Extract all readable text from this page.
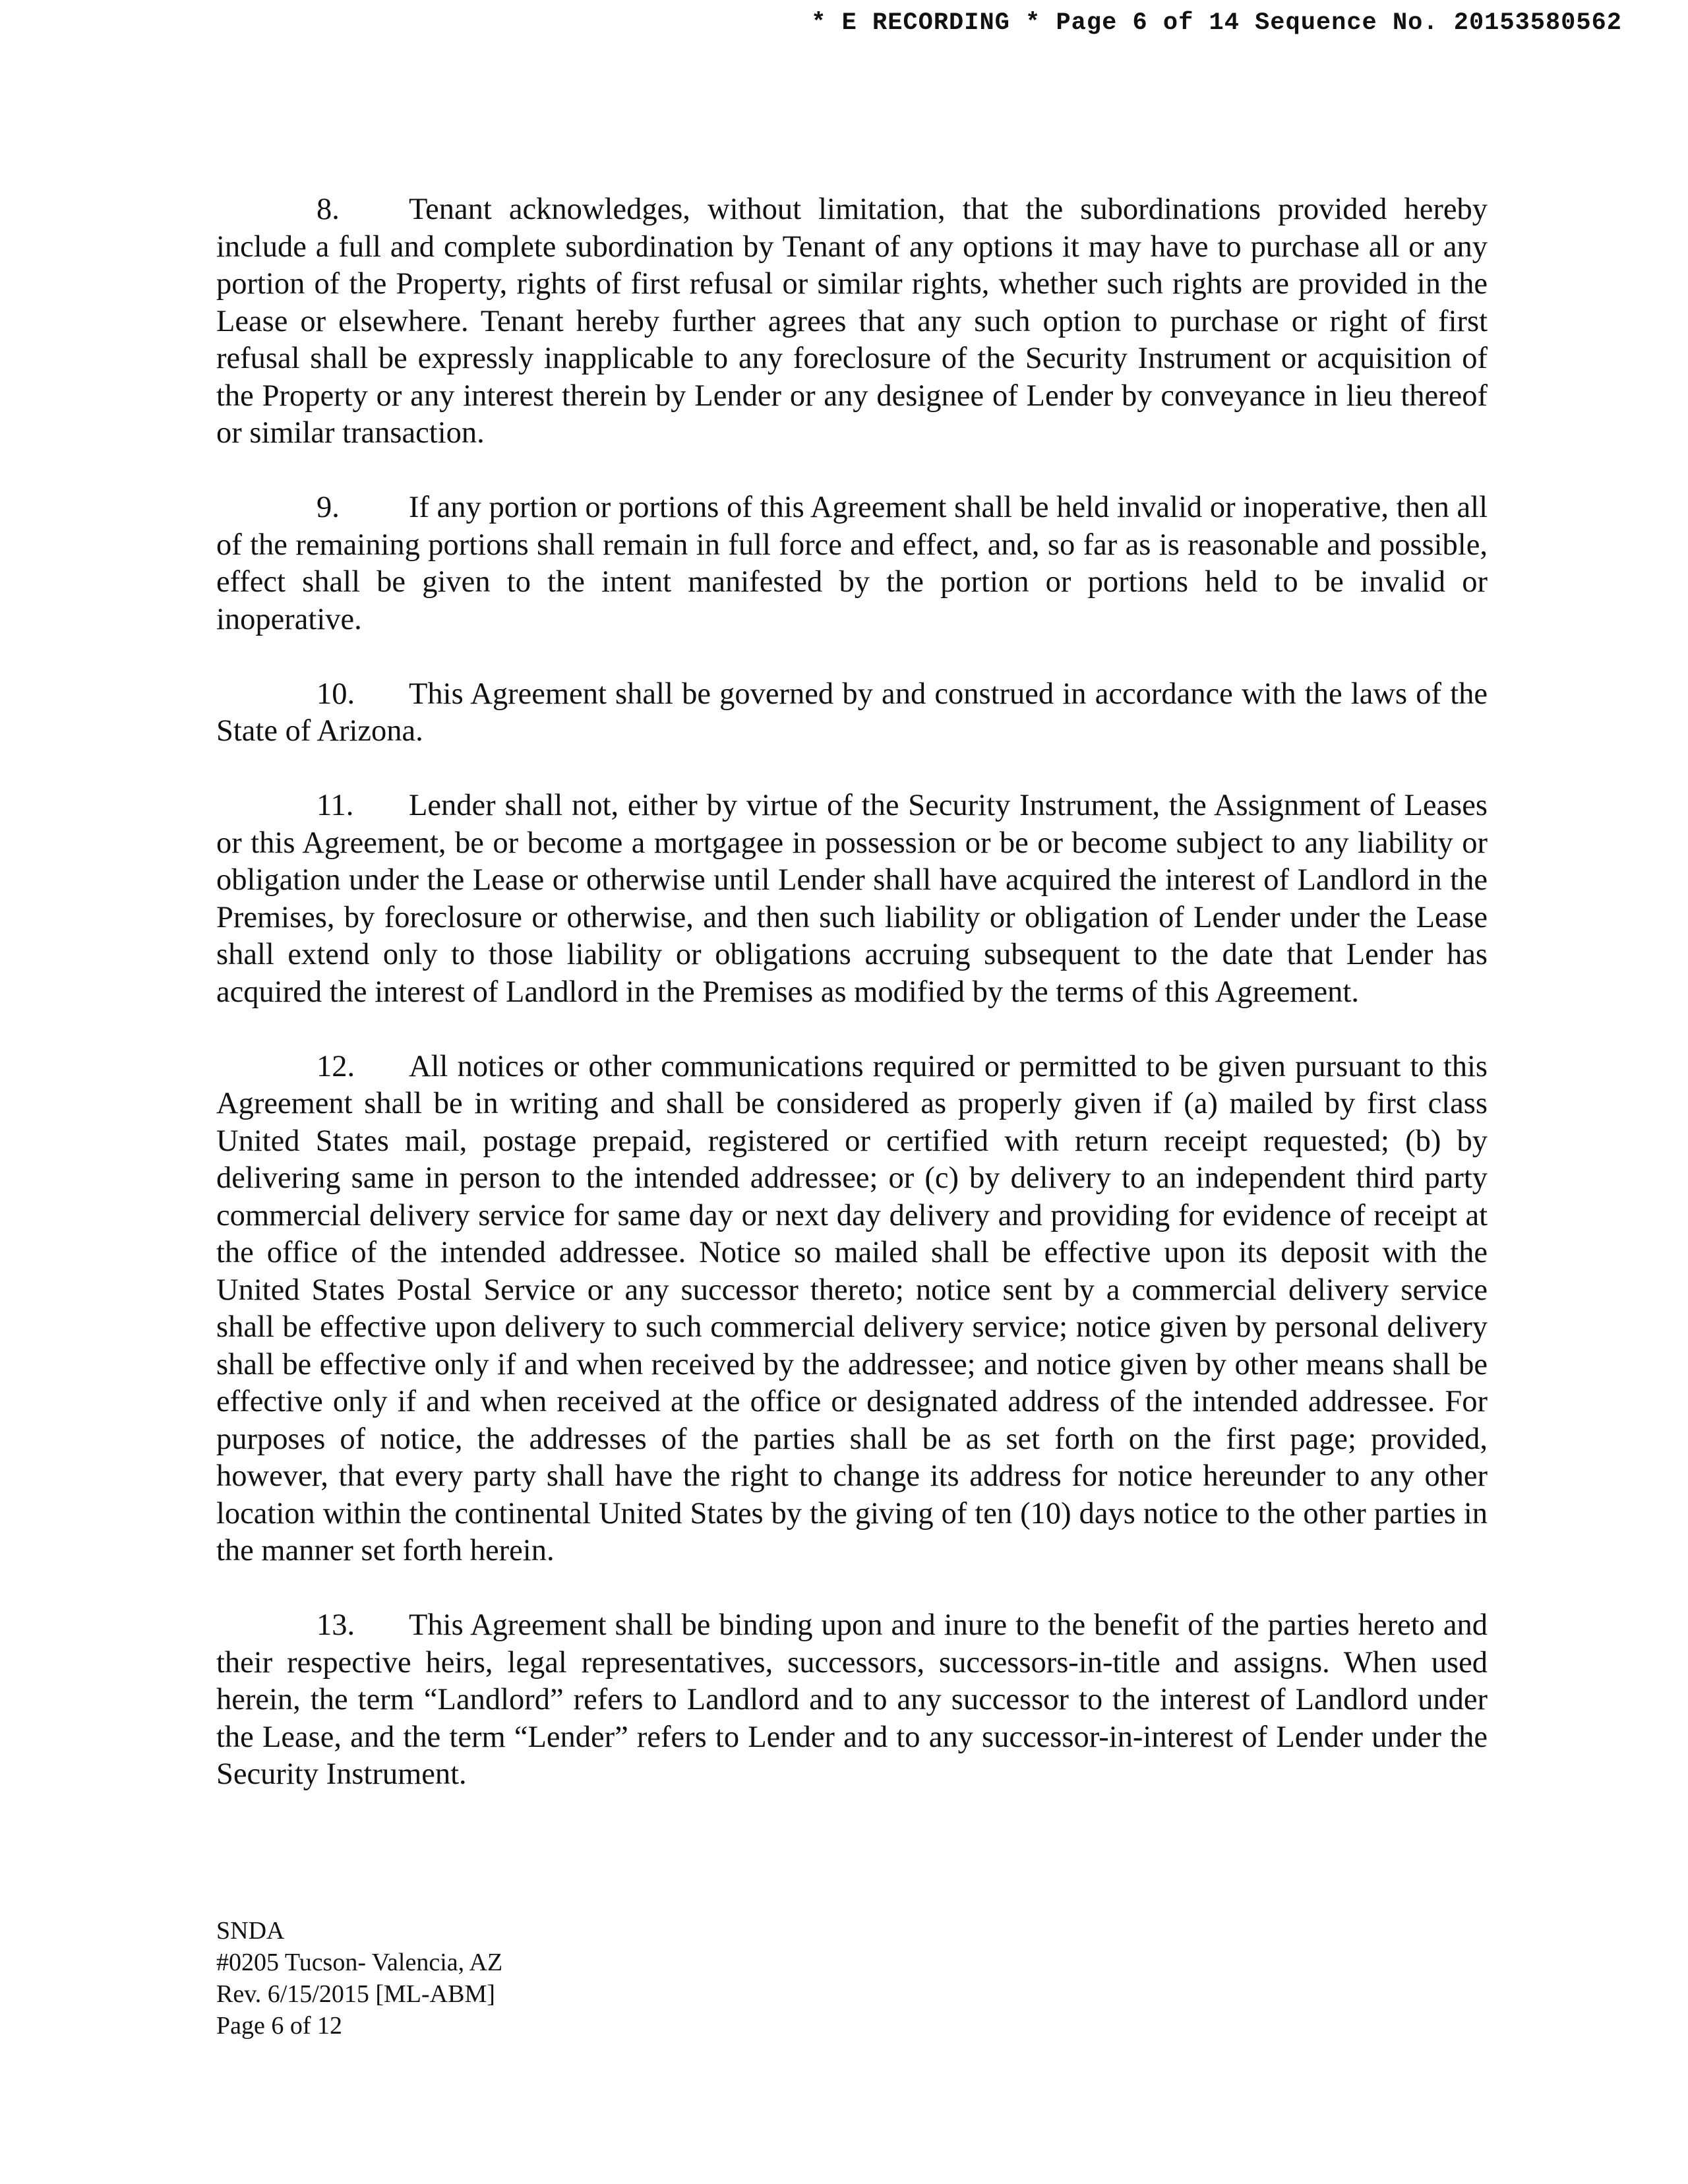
* E RECORDING * Page 6 of 14 Sequence No. 20153580562

8. Tenant acknowledges, without limitation, that the subordinations provided hereby include a full and complete subordination by Tenant of any options it may have to purchase all or any portion of the Property, rights of first refusal or similar rights, whether such rights are provided in the Lease or elsewhere. Tenant hereby further agrees that any such option to purchase or right of first refusal shall be expressly inapplicable to any foreclosure of the Security Instrument or acquisition of the Property or any interest therein by Lender or any designee of Lender by conveyance in lieu thereof or similar transaction.

9. If any portion or portions of this Agreement shall be held invalid or inoperative, then all of the remaining portions shall remain in full force and effect, and, so far as is reasonable and possible, effect shall be given to the intent manifested by the portion or portions held to be invalid or inoperative.

10. This Agreement shall be governed by and construed in accordance with the laws of the State of Arizona.

11. Lender shall not, either by virtue of the Security Instrument, the Assignment of Leases or this Agreement, be or become a mortgagee in possession or be or become subject to any liability or obligation under the Lease or otherwise until Lender shall have acquired the interest of Landlord in the Premises, by foreclosure or otherwise, and then such liability or obligation of Lender under the Lease shall extend only to those liability or obligations accruing subsequent to the date that Lender has acquired the interest of Landlord in the Premises as modified by the terms of this Agreement.

12. All notices or other communications required or permitted to be given pursuant to this Agreement shall be in writing and shall be considered as properly given if (a) mailed by first class United States mail, postage prepaid, registered or certified with return receipt requested; (b) by delivering same in person to the intended addressee; or (c) by delivery to an independent third party commercial delivery service for same day or next day delivery and providing for evidence of receipt at the office of the intended addressee. Notice so mailed shall be effective upon its deposit with the United States Postal Service or any successor thereto; notice sent by a commercial delivery service shall be effective upon delivery to such commercial delivery service; notice given by personal delivery shall be effective only if and when received by the addressee; and notice given by other means shall be effective only if and when received at the office or designated address of the intended addressee. For purposes of notice, the addresses of the parties shall be as set forth on the first page; provided, however, that every party shall have the right to change its address for notice hereunder to any other location within the continental United States by the giving of ten (10) days notice to the other parties in the manner set forth herein.

13. This Agreement shall be binding upon and inure to the benefit of the parties hereto and their respective heirs, legal representatives, successors, successors-in-title and assigns. When used herein, the term “Landlord” refers to Landlord and to any successor to the interest of Landlord under the Lease, and the term “Lender” refers to Lender and to any successor-in-interest of Lender under the Security Instrument.

SNDA
#0205 Tucson- Valencia, AZ
Rev. 6/15/2015 [ML-ABM]
Page 6 of 12
